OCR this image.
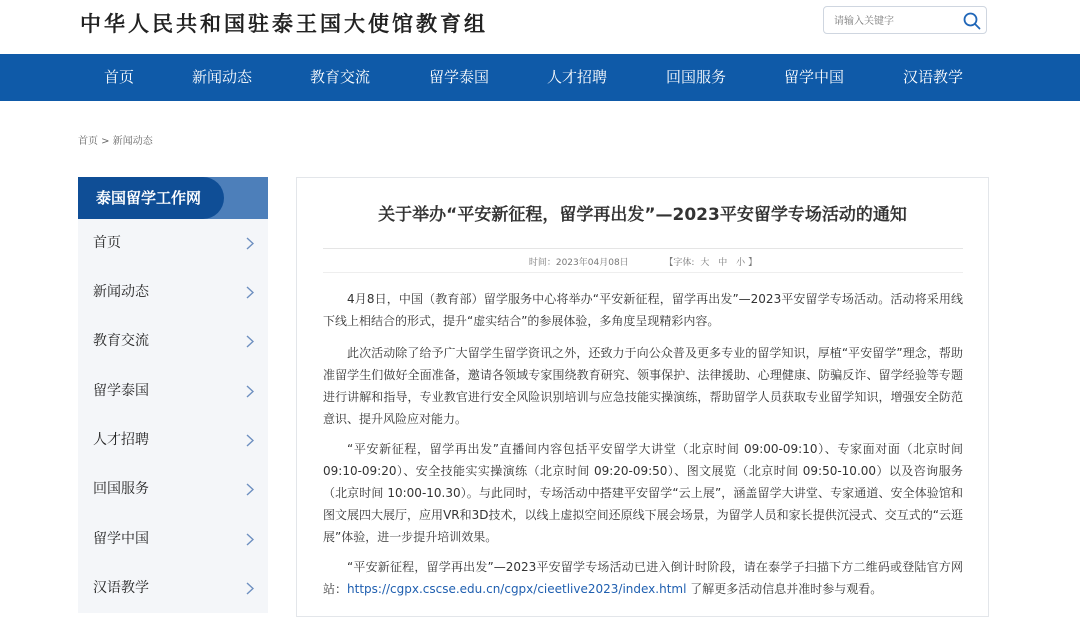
中华人民共和国驻泰王国大使馆教育组
请输入关键字
首页	新闻动态	教育交流	留学泰国	人才招聘	回国服务	留学中国	汉语教学
首页 > 新闻动态
泰国留学工作网
首页
新闻动态
教育交流
留学泰国
人才招聘
回国服务
留学中国
汉语教学
关于举办“平安新征程，留学再出发”—2023平安留学专场活动的通知
时间：2023年04月08日	【字体: 大 中 小 】

4月8日，中国（教育部）留学服务中心将举办“平安新征程，留学再出发”—2023平安留学专场活动。活动将采用线下线上相结合的形式，提升“虚实结合”的参展体验，多角度呈现精彩内容。

此次活动除了给予广大留学生留学资讯之外，还致力于向公众普及更多专业的留学知识，厚植“平安留学”理念，帮助准留学生们做好全面准备，邀请各领域专家围绕教育研究、领事保护、法律援助、心理健康、防骗反诈、留学经验等专题进行讲解和指导，专业教官进行安全风险识别培训与应急技能实操演练，帮助留学人员获取专业留学知识，增强安全防范意识、提升风险应对能力。

“平安新征程，留学再出发”直播间内容包括平安留学大讲堂（北京时间 09:00-09:10）、专家面对面（北京时间09:10-09:20）、安全技能实实操演练（北京时间 09:20-09:50）、图文展览（北京时间 09:50-10.00）以及咨询服务（北京时间 10:00-10.30）。与此同时，专场活动中搭建平安留学“云上展”，涵盖留学大讲堂、专家通道、安全体验馆和图文展四大展厅，应用VR和3D技术，以线上虚拟空间还原线下展会场景，为留学人员和家长提供沉浸式、交互式的“云逛展”体验，进一步提升培训效果。

“平安新征程，留学再出发”—2023平安留学专场活动已进入倒计时阶段，请在泰学子扫描下方二维码或登陆官方网站：https://cgpx.cscse.edu.cn/cgpx/cieetlive2023/index.html 了解更多活动信息并准时参与观看。
